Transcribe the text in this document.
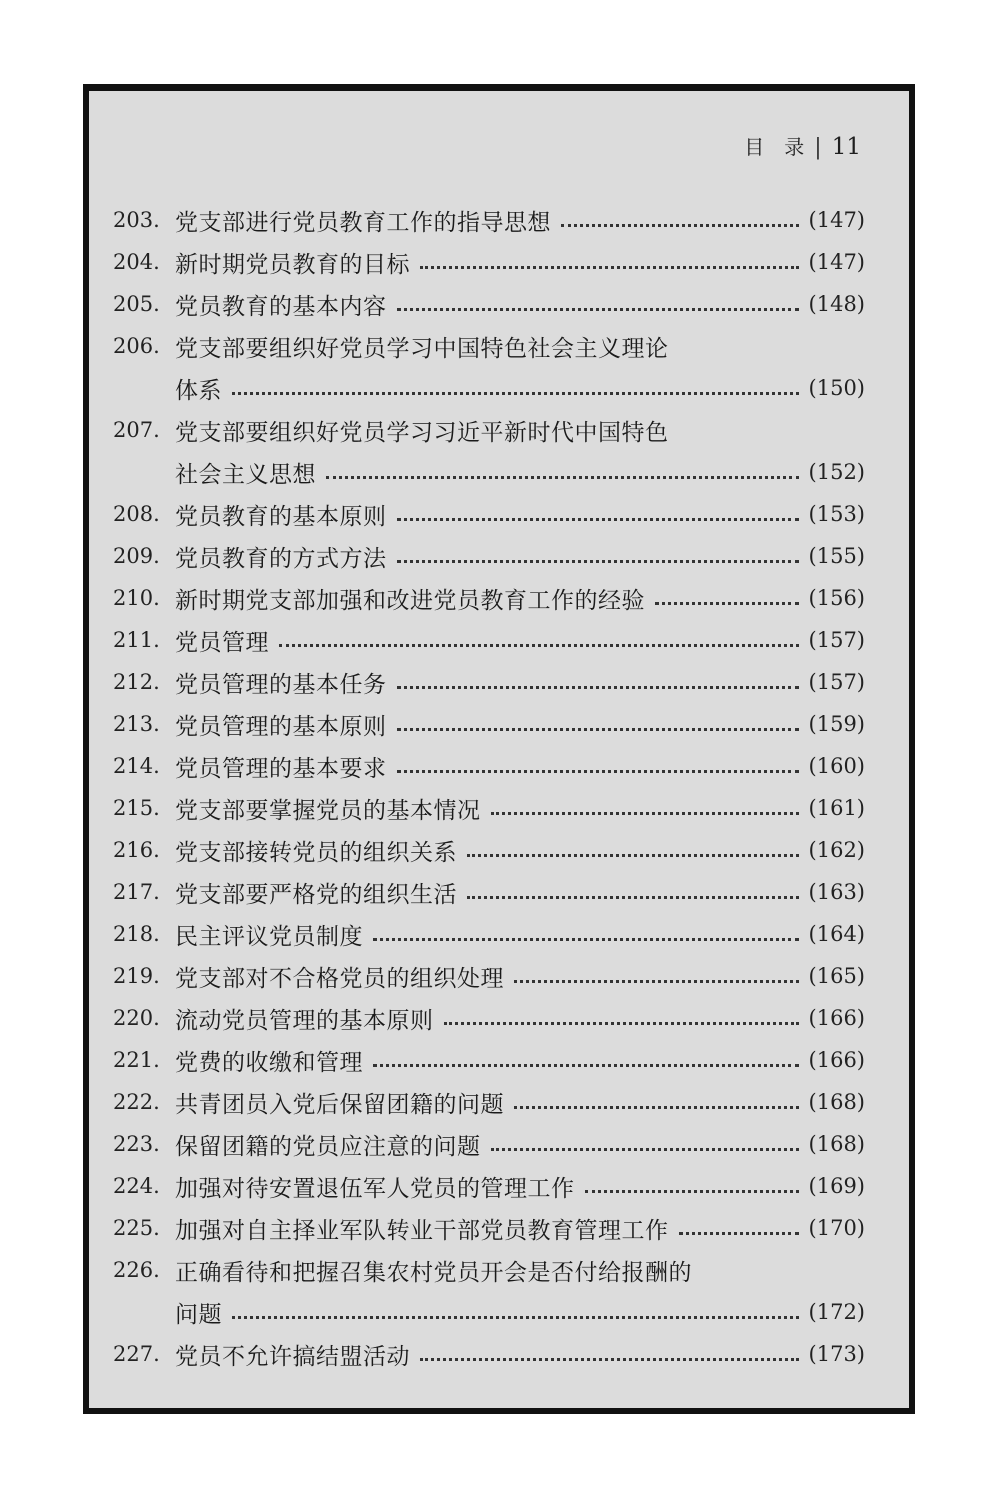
目　录 | 11
203. 党支部进行党员教育工作的指导思想	(147)
204. 新时期党员教育的目标	(147)
205. 党员教育的基本内容	(148)
206. 党支部要组织好党员学习中国特色社会主义理论
体系	(150)
207. 党支部要组织好党员学习习近平新时代中国特色
社会主义思想	(152)
208. 党员教育的基本原则	(153)
209. 党员教育的方式方法	(155)
210. 新时期党支部加强和改进党员教育工作的经验	(156)
211. 党员管理	(157)
212. 党员管理的基本任务	(157)
213. 党员管理的基本原则	(159)
214. 党员管理的基本要求	(160)
215. 党支部要掌握党员的基本情况	(161)
216. 党支部接转党员的组织关系	(162)
217. 党支部要严格党的组织生活	(163)
218. 民主评议党员制度	(164)
219. 党支部对不合格党员的组织处理	(165)
220. 流动党员管理的基本原则	(166)
221. 党费的收缴和管理	(166)
222. 共青团员入党后保留团籍的问题	(168)
223. 保留团籍的党员应注意的问题	(168)
224. 加强对待安置退伍军人党员的管理工作	(169)
225. 加强对自主择业军队转业干部党员教育管理工作	(170)
226. 正确看待和把握召集农村党员开会是否付给报酬的
问题	(172)
227. 党员不允许搞结盟活动	(173)
